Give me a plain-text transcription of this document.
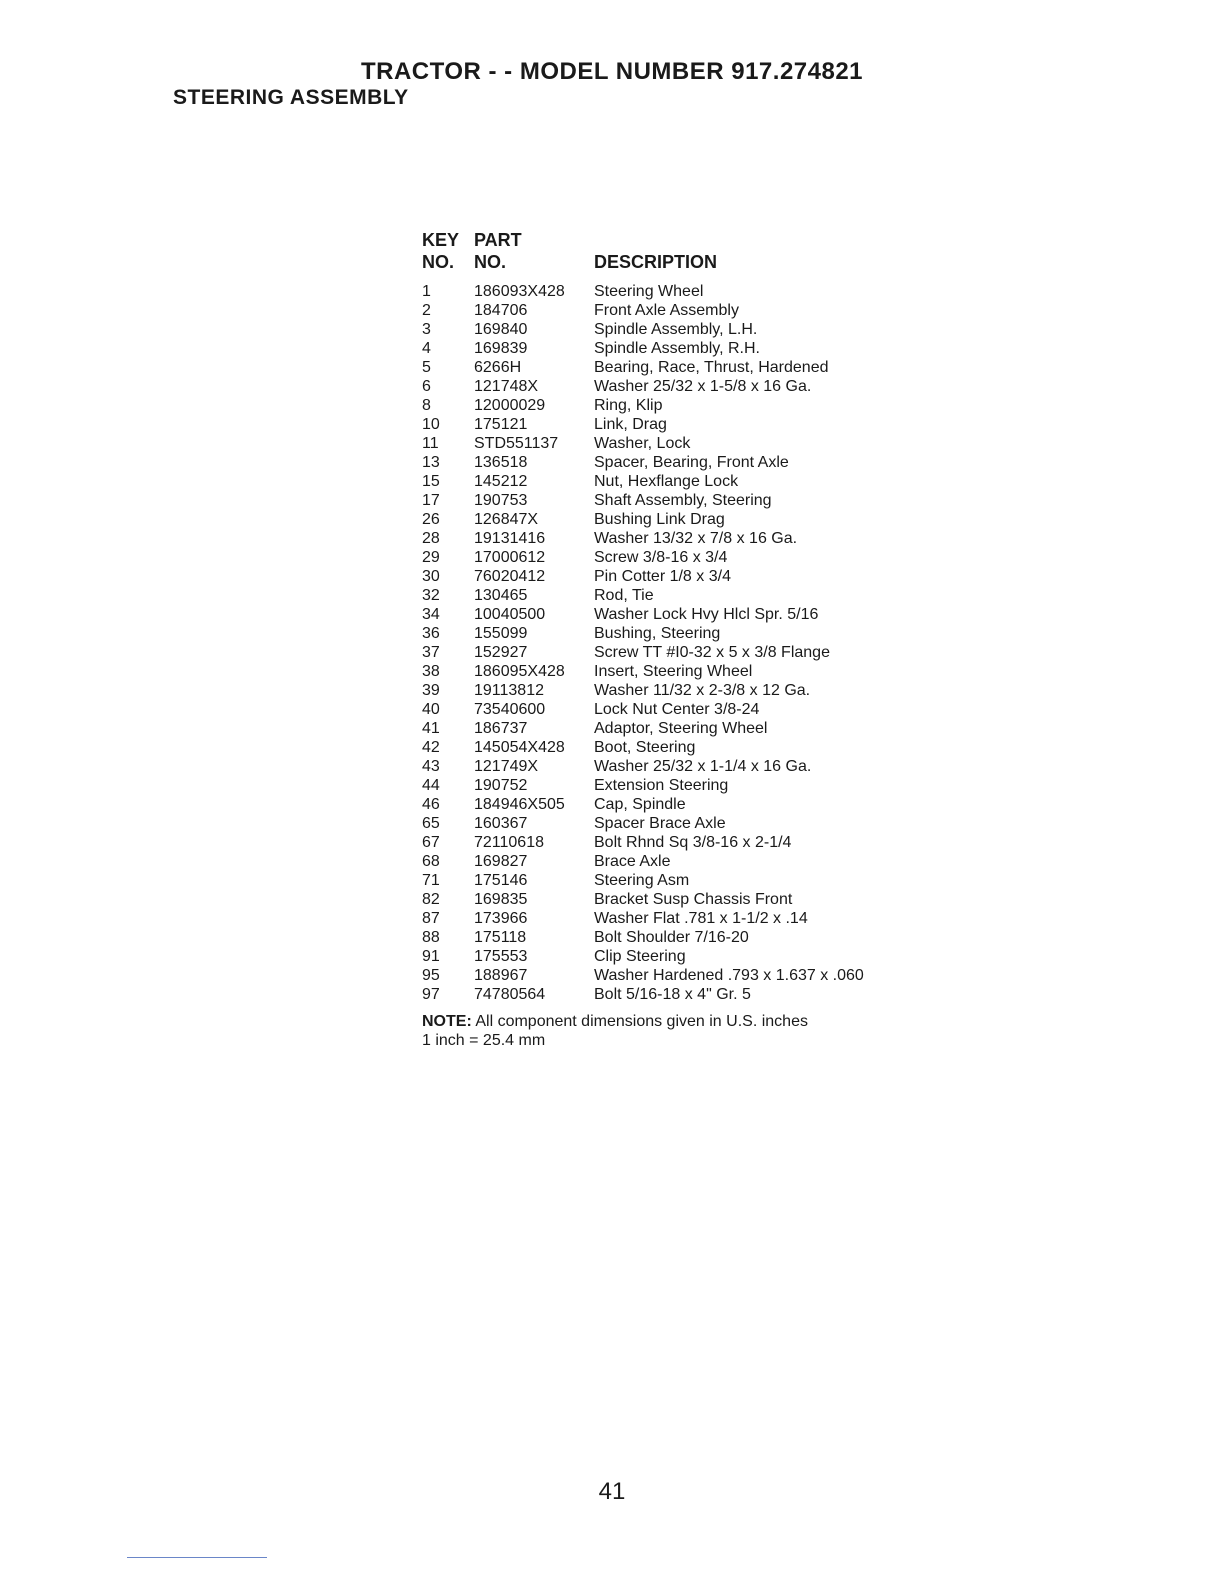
TRACTOR - - MODEL NUMBER 917.274821
STEERING ASSEMBLY
KEY
NO.
PART
NO.	DESCRIPTION
1	186093X428 Steering Wheel
2	184706	Front Axle Assembly
3	169840	Spindle Assembly, L.H.
4	169839	Spindle Assembly, R.H.
5	6266H	Bearing, Race, Thrust, Hardened
6	121748X	Washer 25/32 x 1-5/8 x 16 Ga.
8	12000029	Ring, Klip
10 175121	Link, Drag
11 STD551137 Washer, Lock
13 136518	Spacer, Bearing, Front Axle
15 145212	Nut, Hexflange Lock
17 190753	Shaft Assembly, Steering
26 126847X	Bushing Link Drag
28 19131416	Washer 13/32 x 7/8 x 16 Ga.
29 17000612	Screw 3/8-16 x 3/4
30 76020412	Pin Cotter 1/8 x 3/4
32 130465	Rod, Tie
34 10040500	Washer Lock Hvy Hlcl Spr. 5/16
36 155099	Bushing, Steering
37 152927	Screw TT #I0-32 x 5 x 3/8 Flange
38 186095X428 Insert, Steering Wheel
39 19113812	Washer 11/32 x 2-3/8 x 12 Ga.
40 73540600	Lock Nut Center 3/8-24
41 186737	Adaptor, Steering Wheel
42 145054X428 Boot, Steering
43 121749X	Washer 25/32 x 1-1/4 x 16 Ga.
44 190752	Extension Steering
46 184946X505 Cap, Spindle
65 160367	Spacer Brace Axle
67 72110618	Bolt Rhnd Sq 3/8-16 x 2-1/4
68 169827	Brace Axle
71 175146	Steering Asm
82 169835	Bracket Susp Chassis Front
87 173966	Washer Flat .781 x 1-1/2 x .14
88 175118	Bolt Shoulder 7/16-20
91 175553	Clip Steering
95 188967	Washer Hardened .793 x 1.637 x .060
97 74780564	Bolt 5/16-18 x 4" Gr. 5
NOTE: All component dimensions given in U.S. inches
1 inch = 25.4 mm
41
